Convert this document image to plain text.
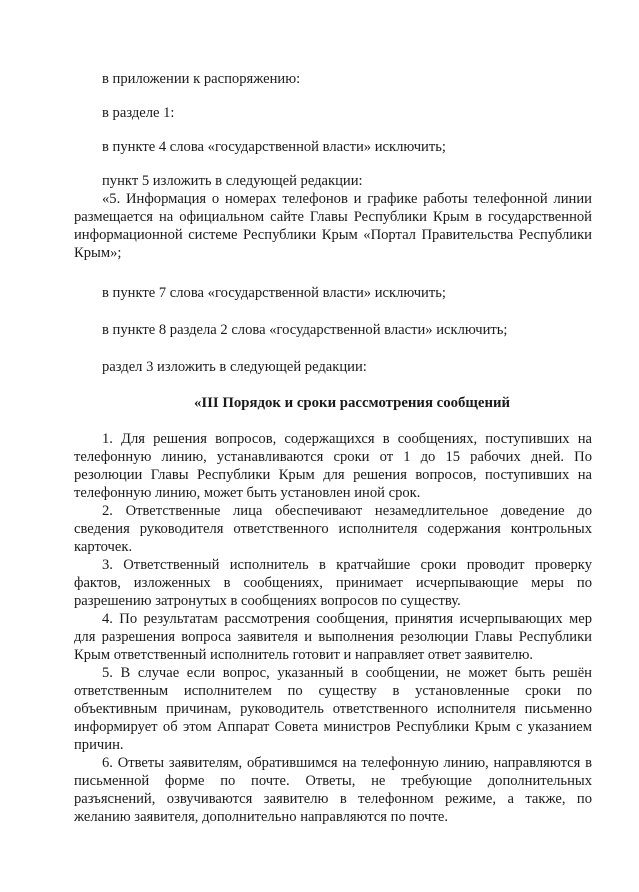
в приложении к распоряжению:

в разделе 1:

в пункте 4 слова «государственной власти» исключить;

пункт 5 изложить в следующей редакции:

«5. Информация о номерах телефонов и графике работы телефонной линии

размещается на официальном сайте Главы Республики Крым в государственной

информационной системе Республики Крым «Портал Правительства Республики

Крым»;

в пункте 7 слова «государственной власти» исключить;

в пункте 8 раздела 2 слова «государственной власти» исключить;

раздел 3 изложить в следующей редакции:

«III Порядок и сроки рассмотрения сообщений

1. Для решения вопросов, содержащихся в сообщениях, поступивших на

телефонную линию, устанавливаются сроки от 1 до 15 рабочих дней. По

резолюции Главы Республики Крым для решения вопросов, поступивших на

телефонную линию, может быть установлен иной срок.

2. Ответственные лица обеспечивают незамедлительное доведение до

сведения руководителя ответственного исполнителя содержания контрольных

карточек.

3. Ответственный исполнитель в кратчайшие сроки проводит проверку

фактов, изложенных в сообщениях, принимает исчерпывающие меры по

разрешению затронутых в сообщениях вопросов по существу.

4. По результатам рассмотрения сообщения, принятия исчерпывающих мер

для разрешения вопроса заявителя и выполнения резолюции Главы Республики

Крым ответственный исполнитель готовит и направляет ответ заявителю.

5. В случае если вопрос, указанный в сообщении, не может быть решён

ответственным исполнителем по существу в установленные сроки по

объективным причинам, руководитель ответственного исполнителя письменно

информирует об этом Аппарат Совета министров Республики Крым с указанием

причин.

6. Ответы заявителям, обратившимся на телефонную линию, направляются в

письменной форме по почте. Ответы, не требующие дополнительных

разъяснений, озвучиваются заявителю в телефонном режиме, а также, по

желанию заявителя, дополнительно направляются по почте.
